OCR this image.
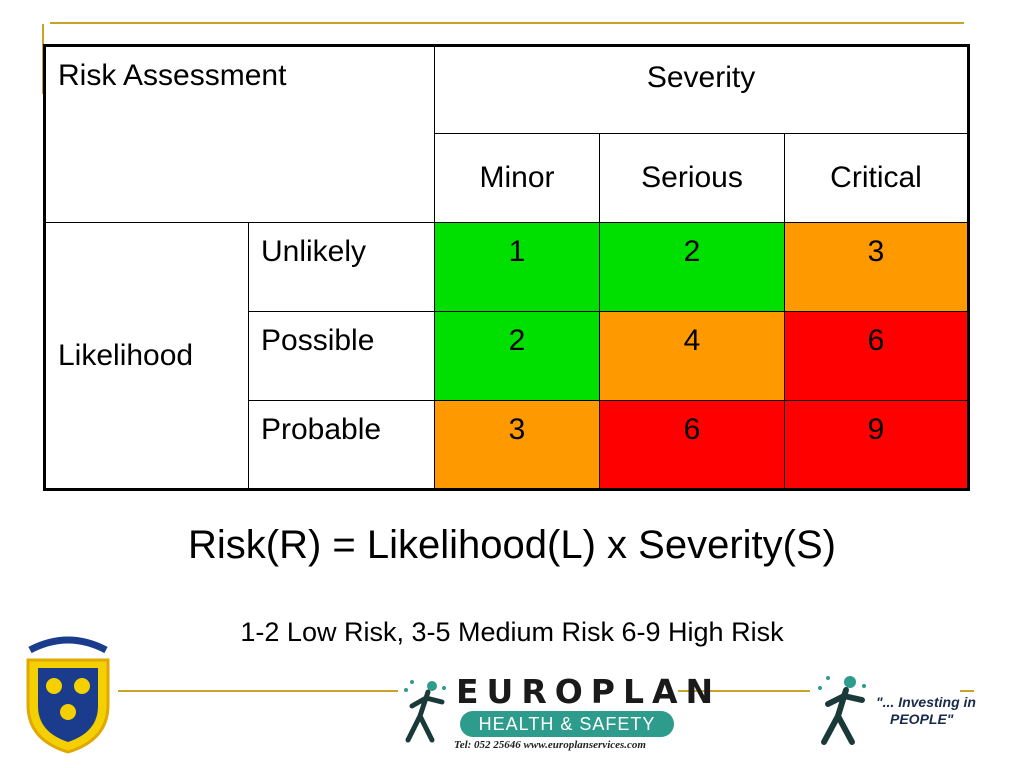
Risk Assessment		Severity		
		Minor	Serious	Critical
Likelihood	Unlikely	1	2	3
	Possible	2	4	6
	Probable	3	6	9
Risk(R) = Likelihood(L) x Severity(S)
1-2 Low Risk, 3-5 Medium Risk 6-9 High Risk
EUROPLAN
HEALTH & SAFETY
Tel: 052 25646 www.europlanservices.com
"... Investing in
PEOPLE"
